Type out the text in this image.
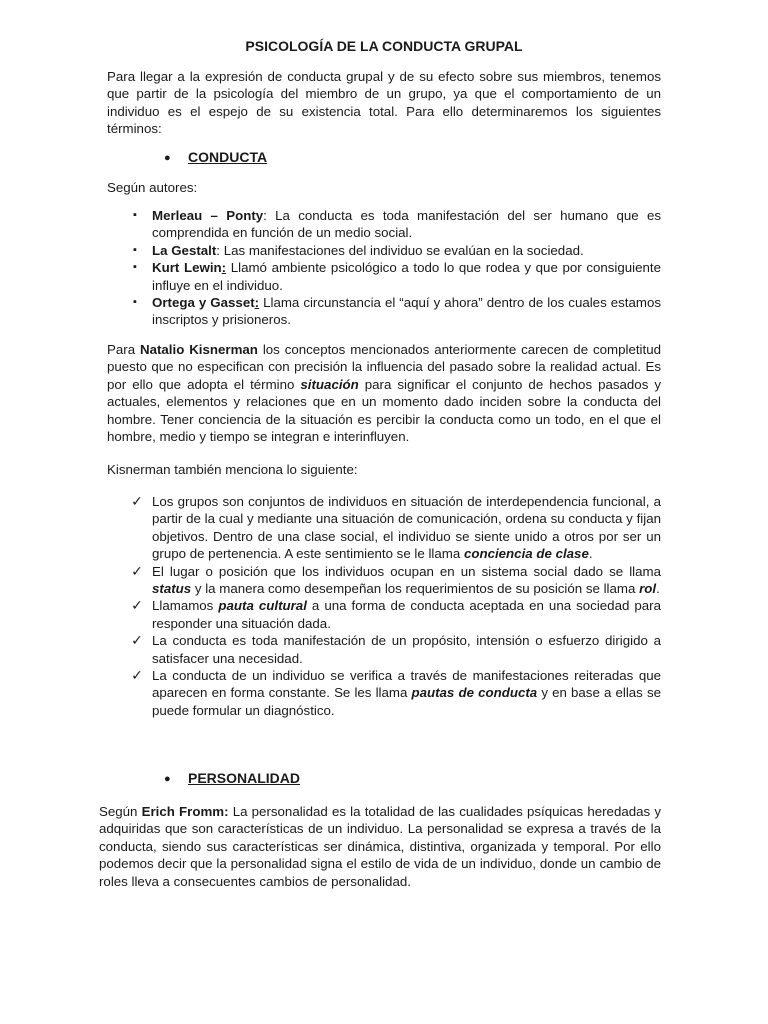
PSICOLOGÍA DE LA CONDUCTA GRUPAL

Para llegar a la expresión de conducta grupal y de su efecto sobre sus miembros, tenemos que partir de la psicología del miembro de un grupo, ya que el comportamiento de un individuo es el espejo de su existencia total. Para ello determinaremos los siguientes términos:

● CONDUCTA

Según autores:

▪	Merleau – Ponty: La conducta es toda manifestación del ser humano que es comprendida en función de un medio social.
▪	La Gestalt: Las manifestaciones del individuo se evalúan en la sociedad.
▪	Kurt Lewin: Llamó ambiente psicológico a todo lo que rodea y que por consiguiente influye en el individuo.
▪	Ortega y Gasset: Llama circunstancia el “aquí y ahora” dentro de los cuales estamos inscriptos y prisioneros.

Para Natalio Kisnerman los conceptos mencionados anteriormente carecen de completitud puesto que no especifican con precisión la influencia del pasado sobre la realidad actual. Es por ello que adopta el término situación para significar el conjunto de hechos pasados y actuales, elementos y relaciones que en un momento dado inciden sobre la conducta del hombre. Tener conciencia de la situación es percibir la conducta como un todo, en el que el hombre, medio y tiempo se integran e interinfluyen.

Kisnerman también menciona lo siguiente:

✓ Los grupos son conjuntos de individuos en situación de interdependencia funcional, a partir de la cual y mediante una situación de comunicación, ordena su conducta y fijan objetivos. Dentro de una clase social, el individuo se siente unido a otros por ser un grupo de pertenencia. A este sentimiento se le llama conciencia de clase.
✓ El lugar o posición que los individuos ocupan en un sistema social dado se llama status y la manera como desempeñan los requerimientos de su posición se llama rol.
✓ Llamamos pauta cultural a una forma de conducta aceptada en una sociedad para responder una situación dada.
✓ La conducta es toda manifestación de un propósito, intensión o esfuerzo dirigido a satisfacer una necesidad.
✓ La conducta de un individuo se verifica a través de manifestaciones reiteradas que aparecen en forma constante. Se les llama pautas de conducta y en base a ellas se puede formular un diagnóstico.
● PERSONALIDAD

Según Erich Fromm: La personalidad es la totalidad de las cualidades psíquicas heredadas y adquiridas que son características de un individuo. La personalidad se expresa a través de la conducta, siendo sus características ser dinámica, distintiva, organizada y temporal. Por ello podemos decir que la personalidad signa el estilo de vida de un individuo, donde un cambio de roles lleva a consecuentes cambios de personalidad.
